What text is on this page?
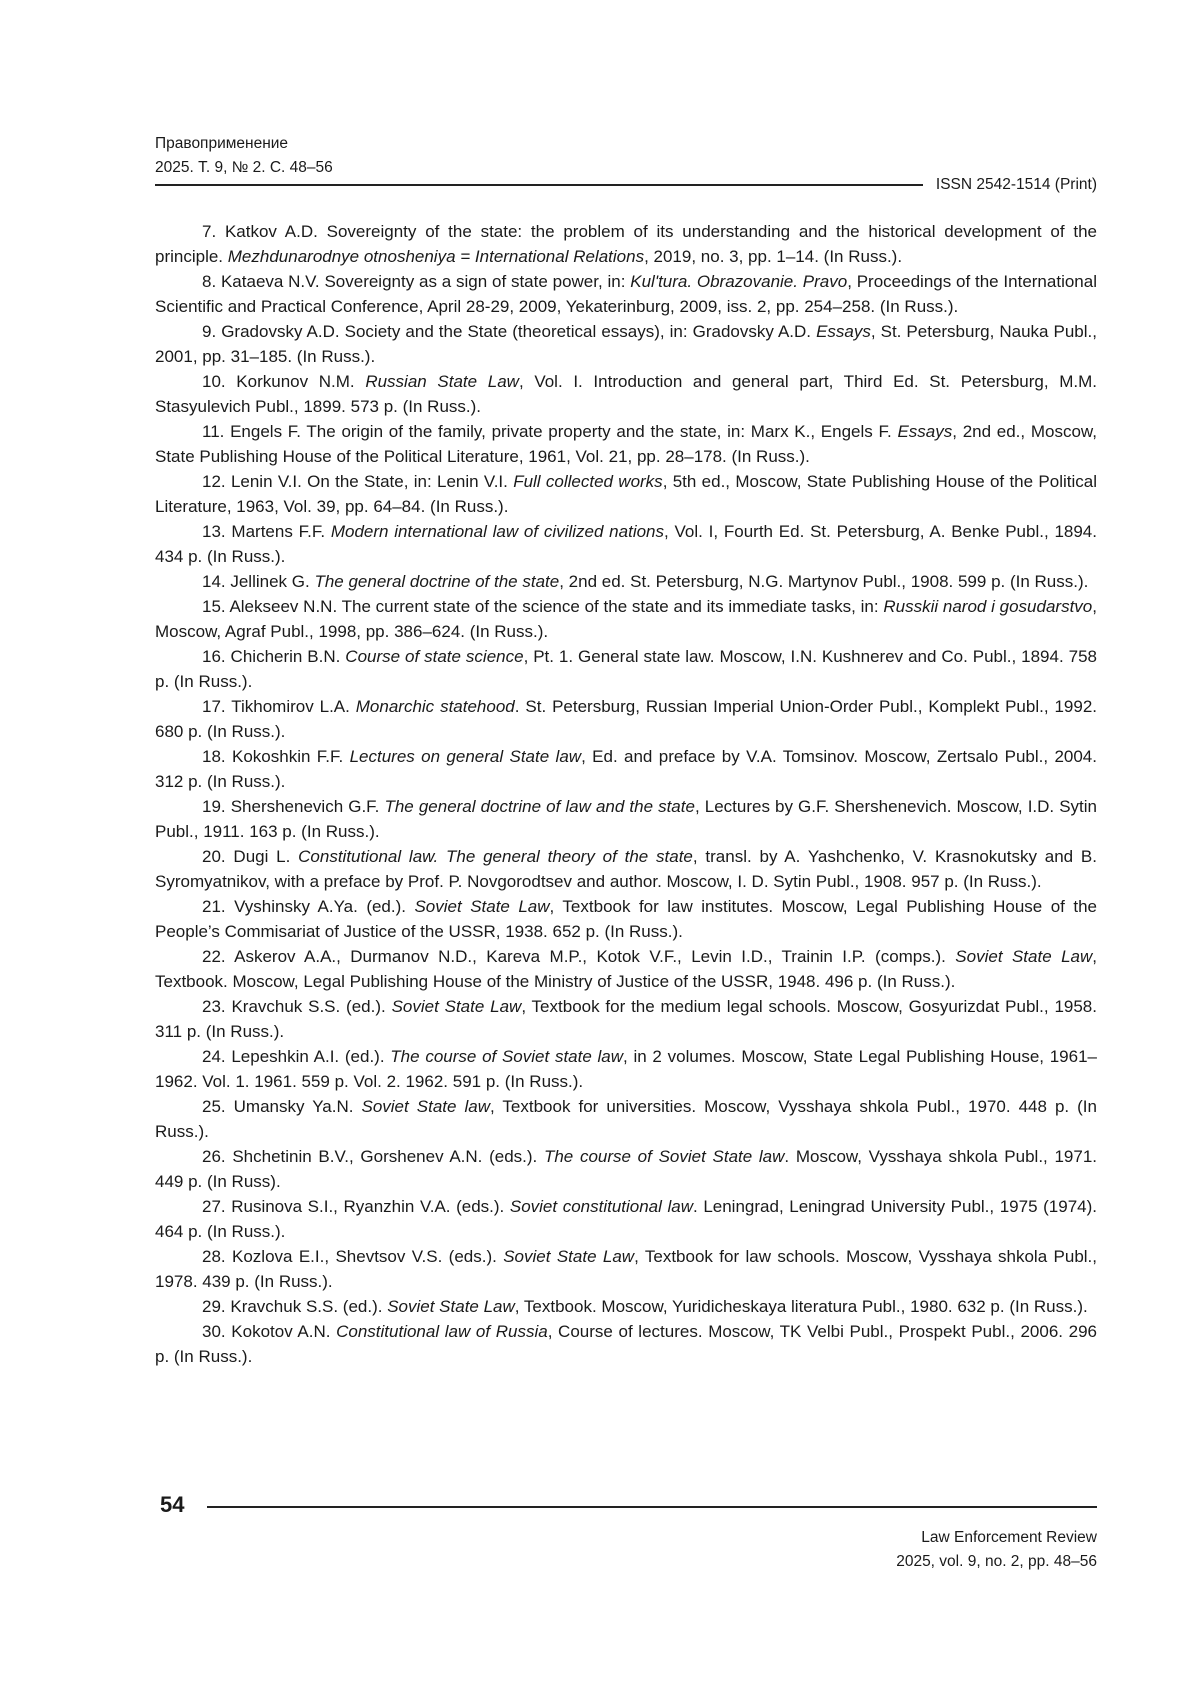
Правоприменение
2025. Т. 9, № 2. С. 48–56
ISSN 2542-1514 (Print)

7. Katkov A.D. Sovereignty of the state: the problem of its understanding and the historical development of the principle. Mezhdunarodnye otnosheniya = International Relations, 2019, no. 3, pp. 1–14. (In Russ.).

8. Kataeva N.V. Sovereignty as a sign of state power, in: Kul'tura. Obrazovanie. Pravo, Proceedings of the International Scientific and Practical Conference, April 28-29, 2009, Yekaterinburg, 2009, iss. 2, pp. 254–258. (In Russ.).

9. Gradovsky A.D. Society and the State (theoretical essays), in: Gradovsky A.D. Essays, St. Petersburg, Nauka Publ., 2001, pp. 31–185. (In Russ.).

10. Korkunov N.M. Russian State Law, Vol. I. Introduction and general part, Third Ed. St. Petersburg, M.M. Stasyulevich Publ., 1899. 573 p. (In Russ.).

11. Engels F. The origin of the family, private property and the state, in: Marx K., Engels F. Essays, 2nd ed., Moscow, State Publishing House of the Political Literature, 1961, Vol. 21, pp. 28–178. (In Russ.).

12. Lenin V.I. On the State, in: Lenin V.I. Full collected works, 5th ed., Moscow, State Publishing House of the Political Literature, 1963, Vol. 39, pp. 64–84. (In Russ.).

13. Martens F.F. Modern international law of civilized nations, Vol. I, Fourth Ed. St. Petersburg, A. Benke Publ., 1894. 434 p. (In Russ.).

14. Jellinek G. The general doctrine of the state, 2nd ed. St. Petersburg, N.G. Martynov Publ., 1908. 599 p. (In Russ.).

15. Alekseev N.N. The current state of the science of the state and its immediate tasks, in: Russkii narod i gosudarstvo, Moscow, Agraf Publ., 1998, pp. 386–624. (In Russ.).

16. Chicherin B.N. Course of state science, Pt. 1. General state law. Moscow, I.N. Kushnerev and Co. Publ., 1894. 758 p. (In Russ.).

17. Tikhomirov L.A. Monarchic statehood. St. Petersburg, Russian Imperial Union-Order Publ., Komplekt Publ., 1992. 680 p. (In Russ.).

18. Kokoshkin F.F. Lectures on general State law, Ed. and preface by V.A. Tomsinov. Moscow, Zertsalo Publ., 2004. 312 p. (In Russ.).

19. Shershenevich G.F. The general doctrine of law and the state, Lectures by G.F. Shershenevich. Moscow, I.D. Sytin Publ., 1911. 163 p. (In Russ.).

20. Dugi L. Constitutional law. The general theory of the state, transl. by A. Yashchenko, V. Krasnokutsky and B. Syromyatnikov, with a preface by Prof. P. Novgorodtsev and author. Moscow, I. D. Sytin Publ., 1908. 957 p. (In Russ.).

21. Vyshinsky A.Ya. (ed.). Soviet State Law, Textbook for law institutes. Moscow, Legal Publishing House of the People’s Commisariat of Justice of the USSR, 1938. 652 p. (In Russ.).

22. Askerov A.A., Durmanov N.D., Kareva M.P., Kotok V.F., Levin I.D., Trainin I.P. (comps.). Soviet State Law, Textbook. Moscow, Legal Publishing House of the Ministry of Justice of the USSR, 1948. 496 p. (In Russ.).

23. Kravchuk S.S. (ed.). Soviet State Law, Textbook for the medium legal schools. Moscow, Gosyurizdat Publ., 1958. 311 p. (In Russ.).

24. Lepeshkin A.I. (ed.). The course of Soviet state law, in 2 volumes. Moscow, State Legal Publishing House, 1961–1962. Vol. 1. 1961. 559 p. Vol. 2. 1962. 591 p. (In Russ.).

25. Umansky Ya.N. Soviet State law, Textbook for universities. Moscow, Vysshaya shkola Publ., 1970. 448 p. (In Russ.).

26. Shchetinin B.V., Gorshenev A.N. (eds.). The course of Soviet State law. Moscow, Vysshaya shkola Publ., 1971. 449 p. (In Russ).

27. Rusinova S.I., Ryanzhin V.A. (eds.). Soviet constitutional law. Leningrad, Leningrad University Publ., 1975 (1974). 464 p. (In Russ.).

28. Kozlova E.I., Shevtsov V.S. (eds.). Soviet State Law, Textbook for law schools. Moscow, Vysshaya shkola Publ., 1978. 439 p. (In Russ.).

29. Kravchuk S.S. (ed.). Soviet State Law, Textbook. Moscow, Yuridicheskaya literatura Publ., 1980. 632 p. (In Russ.).

30. Kokotov A.N. Constitutional law of Russia, Course of lectures. Moscow, TK Velbi Publ., Prospekt Publ., 2006. 296 p. (In Russ.).

54
Law Enforcement Review
2025, vol. 9, no. 2, pp. 48–56
